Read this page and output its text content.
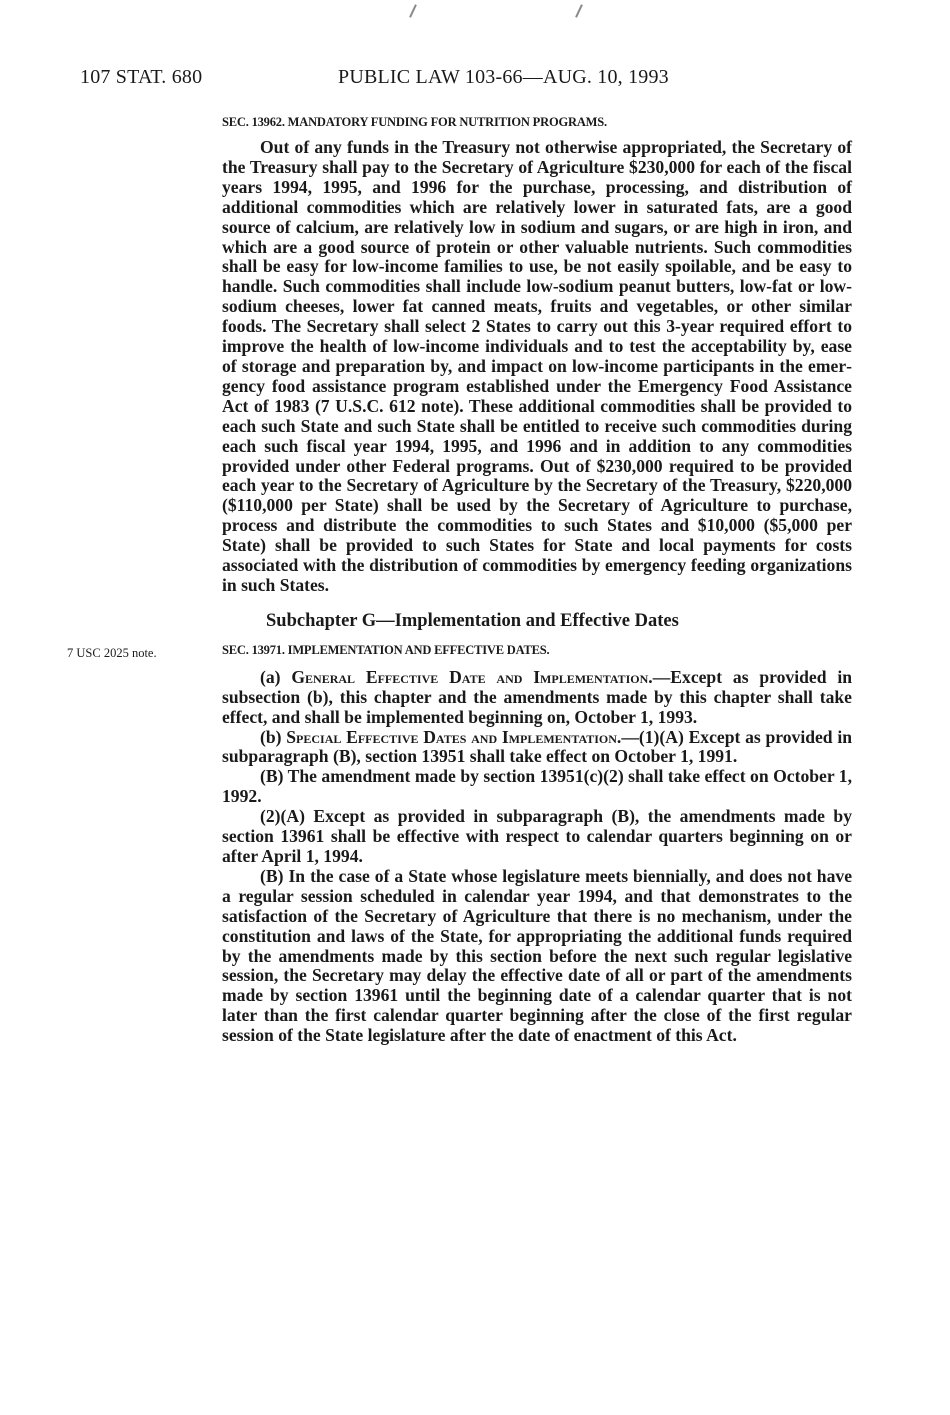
107 STAT. 680	PUBLIC LAW 103-66—AUG. 10, 1993
SEC. 13962. MANDATORY FUNDING FOR NUTRITION PROGRAMS.

Out of any funds in the Treasury not otherwise appropriated, the Secretary of the Treasury shall pay to the Secretary of Agriculture $230,000 for each of the fiscal years 1994, 1995, and 1996 for the purchase, processing, and distribution of additional commodities which are relatively lower in saturated fats, are a good source of calcium, are relatively low in sodium and sugars, or are high in iron, and which are a good source of protein or other valuable nutrients. Such commodities shall be easy for low-income families to use, be not easily spoilable, and be easy to handle. Such commodities shall include low-sodium peanut butters, low-fat or low-sodium cheeses, lower fat canned meats, fruits and vegetables, or other similar foods. The Secretary shall select 2 States to carry out this 3-year required effort to improve the health of low-income individuals and to test the acceptability by, ease of storage and preparation by, and impact on low-income participants in the emergency food assistance program established under the Emergency Food Assistance Act of 1983 (7 U.S.C. 612 note). These additional commodities shall be provided to each such State and such State shall be entitled to receive such commodities during each such fiscal year 1994, 1995, and 1996 and in addition to any commodities provided under other Federal programs. Out of $230,000 required to be provided each year to the Secretary of Agriculture by the Secretary of the Treasury, $220,000 ($110,000 per State) shall be used by the Secretary of Agriculture to purchase, process and distribute the commodities to such States and $10,000 ($5,000 per State) shall be provided to such States for State and local payments for costs associated with the distribution of commodities by emergency feeding organizations in such States.

Subchapter G—Implementation and Effective Dates
7 USC 2025 note.	SEC. 13971. IMPLEMENTATION AND EFFECTIVE DATES.

(a) General Effective Date and Implementation.—Except as provided in subsection (b), this chapter and the amendments made by this chapter shall take effect, and shall be implemented beginning on, October 1, 1993.

(b) Special Effective Dates and Implementation.—(1)(A) Except as provided in subparagraph (B), section 13951 shall take effect on October 1, 1991.

(B) The amendment made by section 13951(c)(2) shall take effect on October 1, 1992.

(2)(A) Except as provided in subparagraph (B), the amendments made by section 13961 shall be effective with respect to calendar quarters beginning on or after April 1, 1994.

(B) In the case of a State whose legislature meets biennially, and does not have a regular session scheduled in calendar year 1994, and that demonstrates to the satisfaction of the Secretary of Agriculture that there is no mechanism, under the constitution and laws of the State, for appropriating the additional funds required by the amendments made by this section before the next such regular legislative session, the Secretary may delay the effective date of all or part of the amendments made by section 13961 until the beginning date of a calendar quarter that is not later than the first calendar quarter beginning after the close of the first regular session of the State legislature after the date of enactment of this Act.
